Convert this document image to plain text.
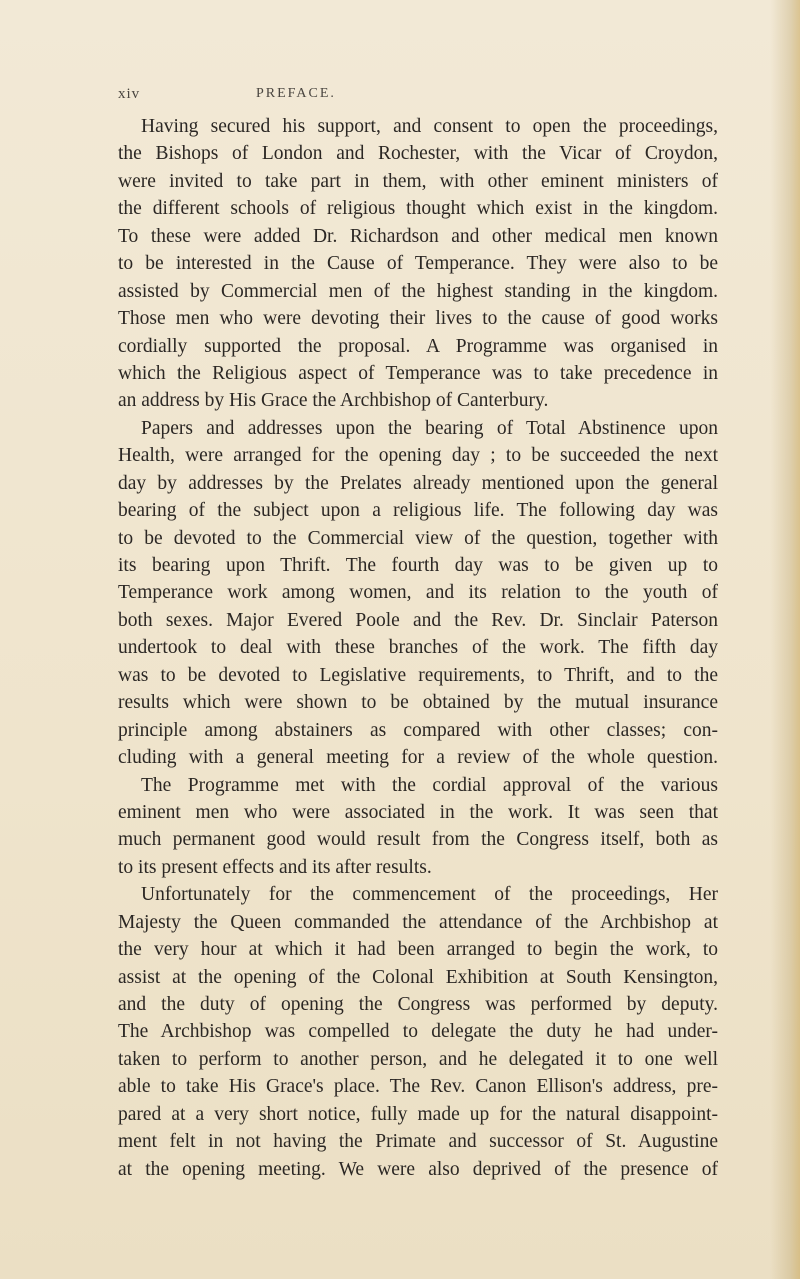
xiv	PREFACE.
Having secured his support, and consent to open the proceedings,
the Bishops of London and Rochester, with the Vicar of Croydon,
were invited to take part in them, with other eminent ministers of
the different schools of religious thought which exist in the kingdom.
To these were added Dr. Richardson and other medical men known
to be interested in the Cause of Temperance. They were also to be
assisted by Commercial men of the highest standing in the kingdom.
Those men who were devoting their lives to the cause of good works
cordially supported the proposal. A Programme was organised in
which the Religious aspect of Temperance was to take precedence in
an address by His Grace the Archbishop of Canterbury.
Papers and addresses upon the bearing of Total Abstinence upon
Health, were arranged for the opening day ; to be succeeded the next
day by addresses by the Prelates already mentioned upon the general
bearing of the subject upon a religious life. The following day was
to be devoted to the Commercial view of the question, together with
its bearing upon Thrift. The fourth day was to be given up to
Temperance work among women, and its relation to the youth of
both sexes. Major Evered Poole and the Rev. Dr. Sinclair Paterson
undertook to deal with these branches of the work. The fifth day
was to be devoted to Legislative requirements, to Thrift, and to the
results which were shown to be obtained by the mutual insurance
principle among abstainers as compared with other classes; con-
cluding with a general meeting for a review of the whole question.
The Programme met with the cordial approval of the various
eminent men who were associated in the work. It was seen that
much permanent good would result from the Congress itself, both as
to its present effects and its after results.
Unfortunately for the commencement of the proceedings, Her
Majesty the Queen commanded the attendance of the Archbishop at
the very hour at which it had been arranged to begin the work, to
assist at the opening of the Colonal Exhibition at South Kensington,
and the duty of opening the Congress was performed by deputy.
The Archbishop was compelled to delegate the duty he had under-
taken to perform to another person, and he delegated it to one well
able to take His Grace's place. The Rev. Canon Ellison's address, pre-
pared at a very short notice, fully made up for the natural disappoint-
ment felt in not having the Primate and successor of St. Augustine
at the opening meeting. We were also deprived of the presence of
